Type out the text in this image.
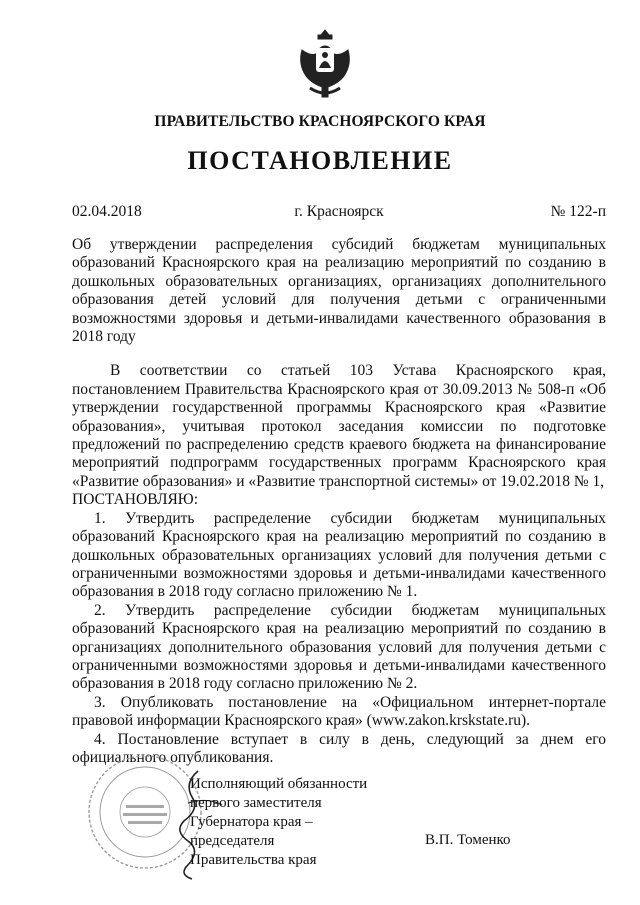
ПРАВИТЕЛЬСТВО КРАСНОЯРСКОГО КРАЯ
ПОСТАНОВЛЕНИЕ
02.04.2018	г. Красноярск	№ 122-п

Об утверждении распределения субсидий бюджетам муниципальных образований Красноярского края на реализацию мероприятий по созданию в дошкольных образовательных организациях, организациях дополнительного образования детей условий для получения детьми с ограниченными возможностями здоровья и детьми-инвалидами качественного образования в 2018 году

В соответствии со статьей 103 Устава Красноярского края, постановлением Правительства Красноярского края от 30.09.2013 № 508-п «Об утверждении государственной программы Красноярского края «Развитие образования», учитывая протокол заседания комиссии по подготовке предложений по распределению средств краевого бюджета на финансирование мероприятий подпрограмм государственных программ Красноярского края «Развитие образования» и «Развитие транспортной системы» от 19.02.2018 № 1,

ПОСТАНОВЛЯЮ:

1. Утвердить распределение субсидии бюджетам муниципальных образований Красноярского края на реализацию мероприятий по созданию в дошкольных образовательных организациях условий для получения детьми с ограниченными возможностями здоровья и детьми-инвалидами качественного образования в 2018 году согласно приложению № 1.

2. Утвердить распределение субсидии бюджетам муниципальных образований Красноярского края на реализацию мероприятий по созданию в организациях дополнительного образования условий для получения детьми с ограниченными возможностями здоровья и детьми-инвалидами качественного образования в 2018 году согласно приложению № 2.

3. Опубликовать постановление на «Официальном интернет-портале правовой информации Красноярского края» (www.zakon.krskstate.ru).

4. Постановление вступает в силу в день, следующий за днем его официального опубликования.

Исполняющий обязанности
первого заместителя
Губернатора края –
председателя
Правительства края
В.П. Томенко
